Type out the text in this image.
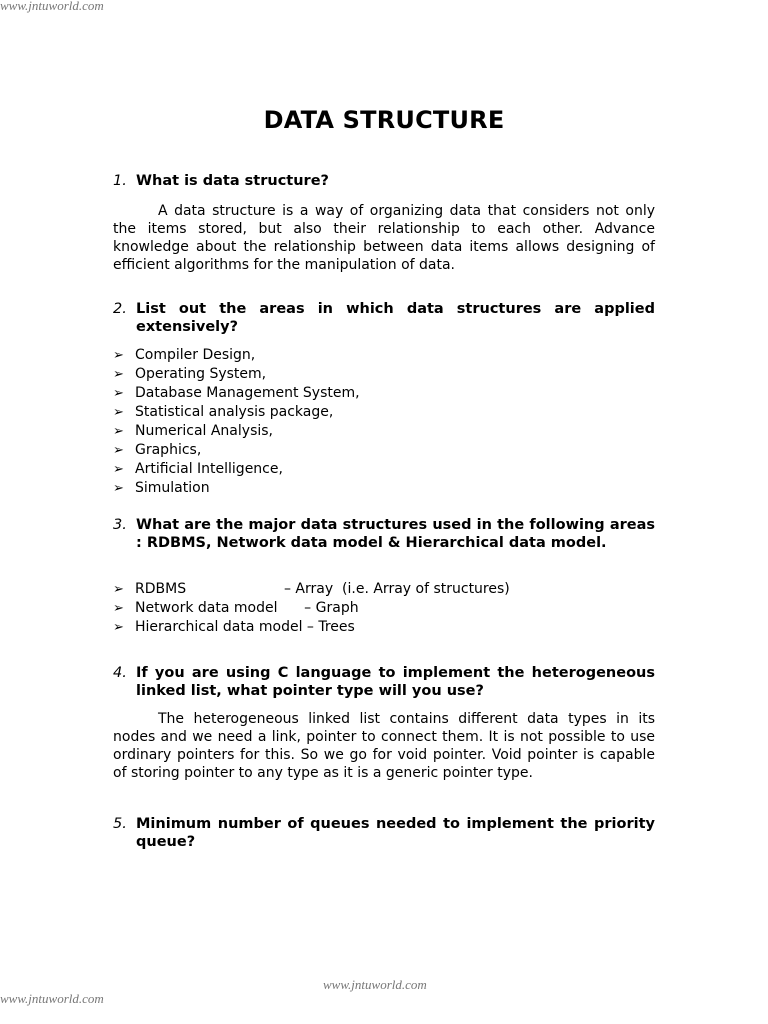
www.jntuworld.com
DATA STRUCTURE
1. What is data structure?
A data structure is a way of organizing data that considers not only the items stored, but also their relationship to each other. Advance knowledge about the relationship between data items allows designing of efficient algorithms for the manipulation of data.
2. List out the areas in which data structures are applied extensively?
➢ Compiler Design,
➢ Operating System,
➢ Database Management System,
➢ Statistical analysis package,
➢ Numerical Analysis,
➢ Graphics,
➢ Artificial Intelligence,
➢ Simulation
3. What are the major data structures used in the following areas : RDBMS, Network data model & Hierarchical data model.
➢ RDBMS                      – Array  (i.e. Array of structures)
➢ Network data model      – Graph
➢ Hierarchical data model – Trees
4. If you are using C language to implement the heterogeneous linked list, what pointer type will you use?
The heterogeneous linked list contains different data types in its nodes and we need a link, pointer to connect them. It is not possible to use ordinary pointers for this. So we go for void pointer. Void pointer is capable of storing pointer to any type as it is a generic pointer type.
5. Minimum number of queues needed to implement the priority queue?
www.jntuworld.com
www.jntuworld.com
